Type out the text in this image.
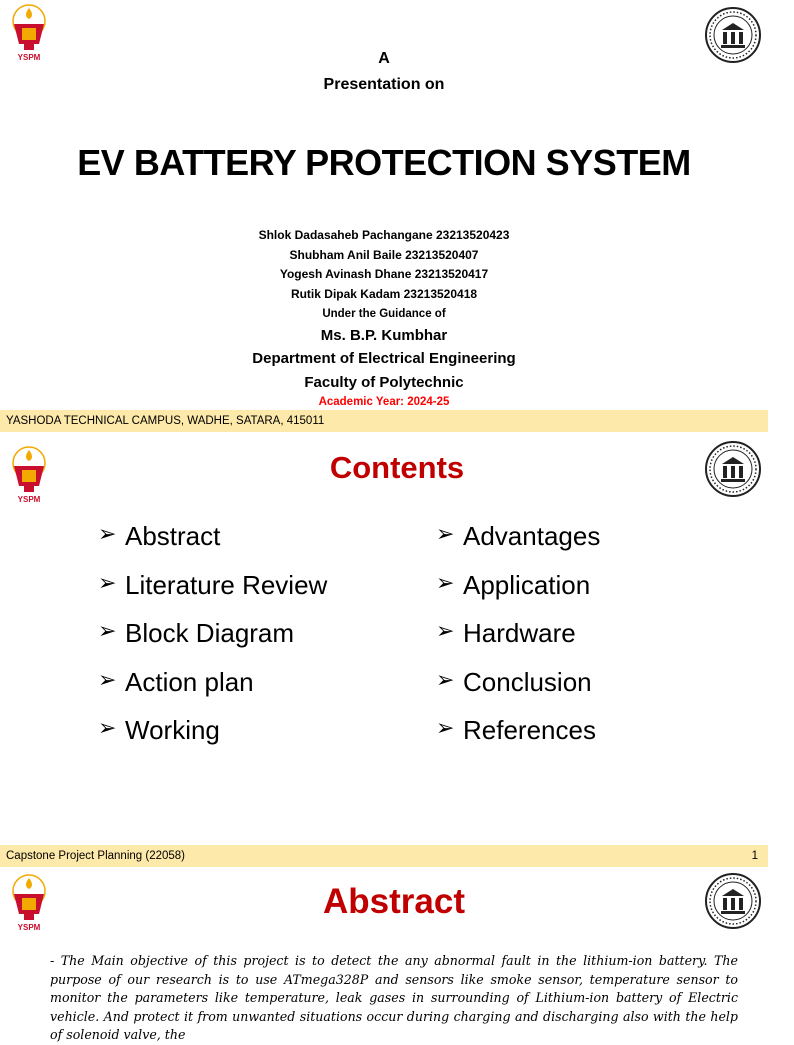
YSPM	A
Presentation on
EV BATTERY PROTECTION SYSTEM
Shlok Dadasaheb Pachangane 23213520423
Shubham Anil Baile 23213520407
Yogesh Avinash Dhane 23213520417
Rutik Dipak Kadam 23213520418
Under the Guidance of
Ms. B.P. Kumbhar
Department of Electrical Engineering
Faculty of Polytechnic
Academic Year: 2024-25
YASHODA TECHNICAL CAMPUS, WADHE, SATARA, 415011
YSPM
Contents
➢ Abstract
➢ Literature Review
➢ Block Diagram
➢ Action plan
➢ Working
➢ Advantages
➢ Application
➢ Hardware
➢ Conclusion
➢ References
Capstone Project Planning (22058)	1
YSPM
Abstract
- The Main objective of this project is to detect the any abnormal fault in the lithium-ion battery. The purpose of our research is to use ATmega328P and sensors like smoke sensor, temperature sensor to monitor the parameters like temperature, leak gases in surrounding of Lithium-ion battery of Electric vehicle. And protect it from unwanted situations occur during charging and discharging also with the help of solenoid valve, the
